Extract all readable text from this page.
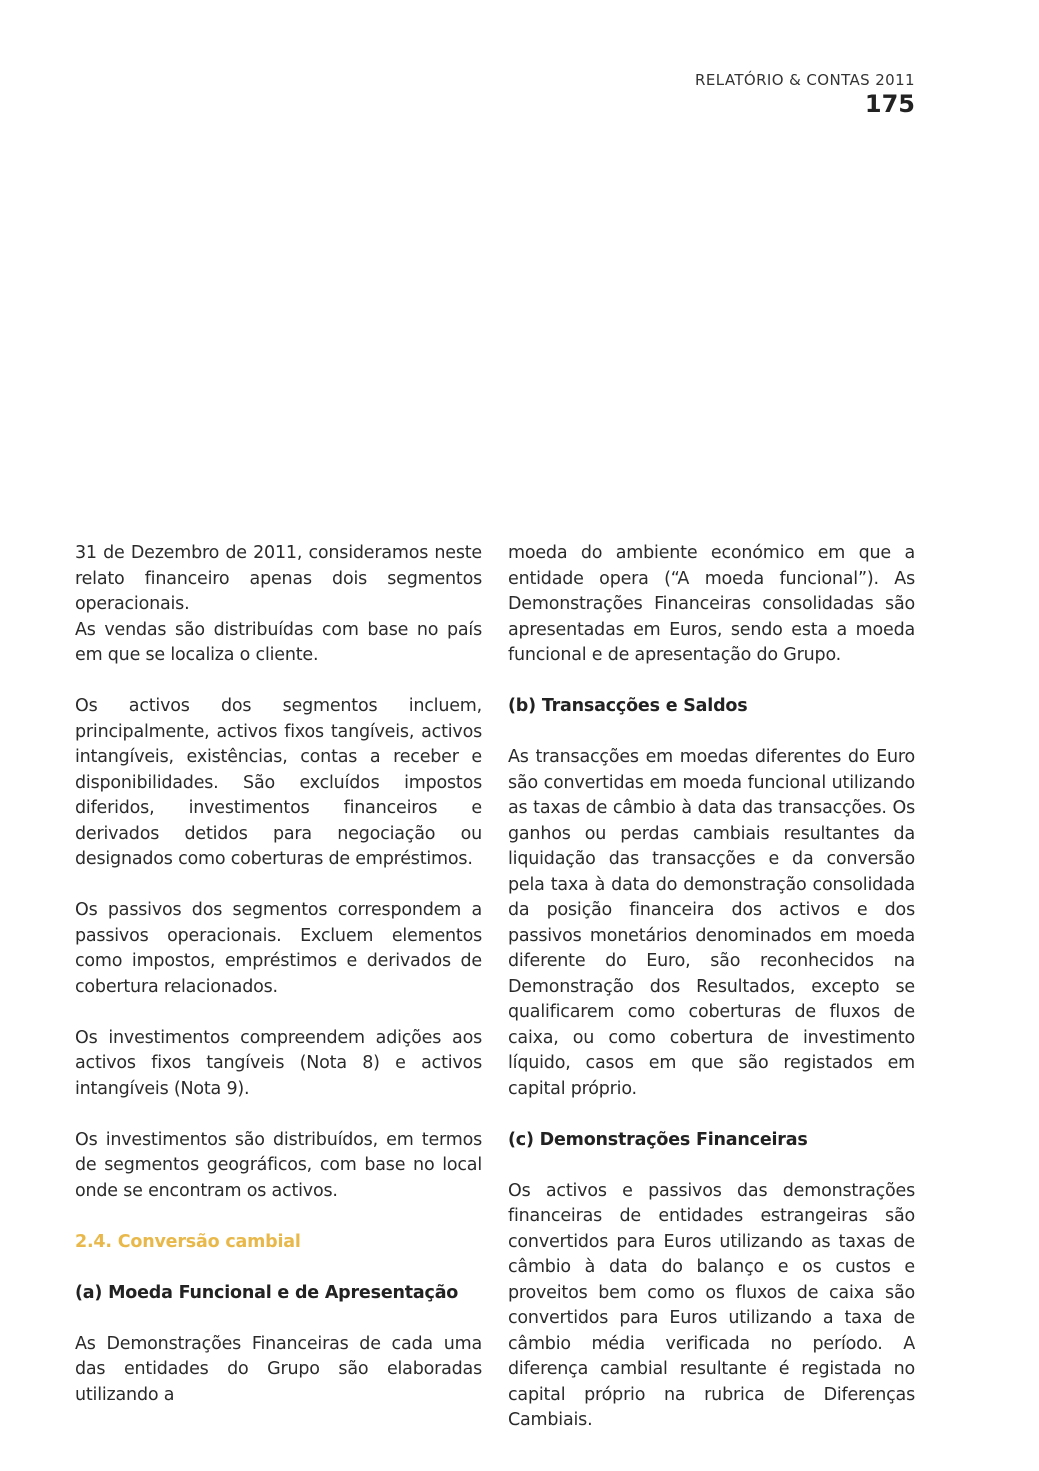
RELATÓRIO & CONTAS 2011
175

31 de Dezembro de 2011, consideramos neste relato financeiro apenas dois segmentos operacionais.

As vendas são distribuídas com base no país em que se localiza o cliente.

Os activos dos segmentos incluem, principalmente, activos fixos tangíveis, activos intangíveis, existências, contas a receber e disponibilidades. São excluídos impostos diferidos, investimentos financeiros e derivados detidos para negociação ou designados como coberturas de empréstimos.

Os passivos dos segmentos correspondem a passivos operacionais. Excluem elementos como impostos, empréstimos e derivados de cobertura relacionados.

Os investimentos compreendem adições aos activos fixos tangíveis (Nota 8) e activos intangíveis (Nota 9).

Os investimentos são distribuídos, em termos de segmentos geográficos, com base no local onde se encontram os activos.

2.4. Conversão cambial
(a) Moeda Funcional e de Apresentação

As Demonstrações Financeiras de cada uma das entidades do Grupo são elaboradas utilizando a

moeda do ambiente económico em que a entidade opera (“A moeda funcional”). As Demonstrações Financeiras consolidadas são apresentadas em Euros, sendo esta a moeda funcional e de apresentação do Grupo.

(b) Transacções e Saldos

As transacções em moedas diferentes do Euro são convertidas em moeda funcional utilizando as taxas de câmbio à data das transacções. Os ganhos ou perdas cambiais resultantes da liquidação das transacções e da conversão pela taxa à data do demonstração consolidada da posição financeira dos activos e dos passivos monetários denominados em moeda diferente do Euro, são reconhecidos na Demonstração dos Resultados, excepto se qualificarem como coberturas de fluxos de caixa, ou como cobertura de investimento líquido, casos em que são registados em capital próprio.

(c) Demonstrações Financeiras

Os activos e passivos das demonstrações financeiras de entidades estrangeiras são convertidos para Euros utilizando as taxas de câmbio à data do balanço e os custos e proveitos bem como os fluxos de caixa são convertidos para Euros utilizando a taxa de câmbio média verificada no período. A diferença cambial resultante é registada no capital próprio na rubrica de Diferenças Cambiais.
